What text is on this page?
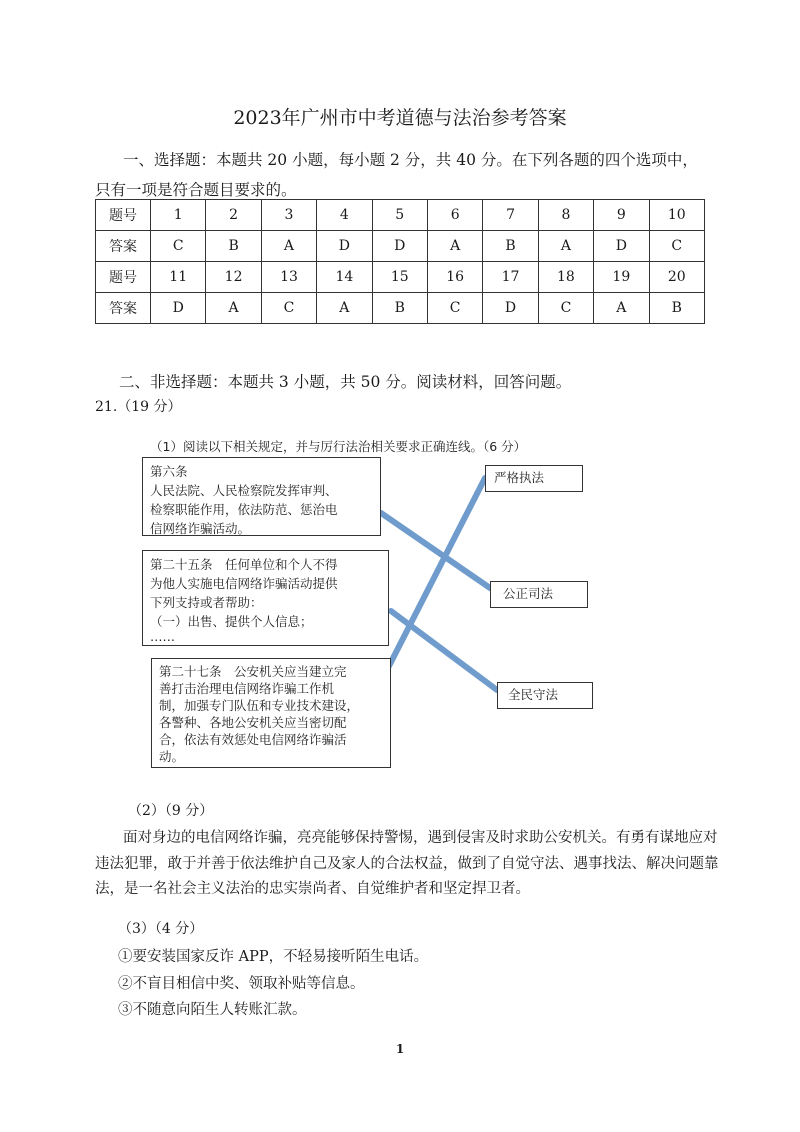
2023年广州市中考道德与法治参考答案
一、选择题：本题共 20 小题，每小题 2 分，共 40 分。在下列各题的四个选项中，
只有一项是符合题目要求的。
题号	1	2	3	4	5	6	7	8	9	10
答案	C	B	A	D	D	A	B	A	D	C
题号	11	12	13	14	15	16	17	18	19	20
答案	D	A	C	A	B	C	D	C	A	B
二、非选择题：本题共 3 小题，共 50 分。阅读材料，回答问题。
21.（19 分）
（1）阅读以下相关规定，并与厉行法治相关要求正确连线。（6 分）
第六条
人民法院、人民检察院发挥审判、
检察职能作用，依法防范、惩治电
信网络诈骗活动。
第二十五条　任何单位和个人不得
为他人实施电信网络诈骗活动提供
下列支持或者帮助：
（一）出售、提供个人信息；
……
第二十七条　公安机关应当建立完
善打击治理电信网络诈骗工作机
制，加强专门队伍和专业技术建设，
各警种、各地公安机关应当密切配
合，依法有效惩处电信网络诈骗活
动。
严格执法
公正司法
全民守法
（2）（9 分）
面对身边的电信网络诈骗，亮亮能够保持警惕，遇到侵害及时求助公安机关。有勇有谋地应对
违法犯罪，敢于并善于依法维护自己及家人的合法权益，做到了自觉守法、遇事找法、解决问题靠
法，是一名社会主义法治的忠实崇尚者、自觉维护者和坚定捍卫者。
（3）（4 分）
①要安装国家反诈 APP，不轻易接听陌生电话。
②不盲目相信中奖、领取补贴等信息。
③不随意向陌生人转账汇款。
1
